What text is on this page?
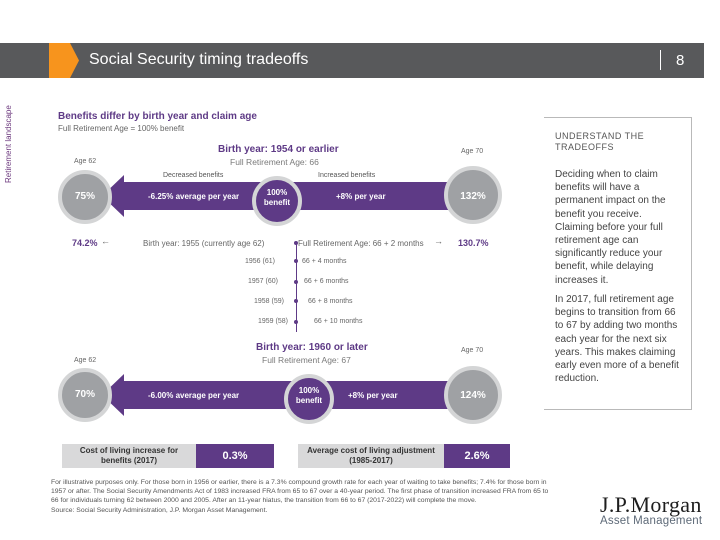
Social Security timing tradeoffs	8
Retirement landscape	Benefits differ by birth year and claim age
Full Retirement Age = 100% benefit
Birth year: 1954 or earlier
Full Retirement Age: 66
Age 62
Age 70
Decreased benefits	Increased benefits
75%	-6.25% average per year	100%
benefit
+8% per year	132%
74.2% ←	Birth year: 1955 (currently age 62)	Full Retirement Age: 66 + 2 months → 130.7%
1956 (61)	66 + 4 months
1957 (60)	66 + 6 months
1958 (59)	66 + 8 months
1959 (58)	66 + 10 months
Birth year: 1960 or later
Full Retirement Age: 67
Age 62
Age 70
70%	-6.00% average per year
100%
benefit
+8% per year	124%
Cost of living increase for
benefits (2017)	0.3%	Average cost of living adjustment
(1985-2017)	2.6%
UNDERSTAND THE TRADEOFFS
Deciding when to claim benefits will have a permanent impact on the benefit you receive. Claiming before your full retirement age can significantly reduce your benefit, while delaying increases it.
In 2017, full retirement age begins to transition from 66 to 67 by adding two months each year for the next six years. This makes claiming early even more of a benefit reduction.
For illustrative purposes only. For those born in 1956 or earlier, there is a 7.3% compound growth rate for each year of waiting to take benefits; 7.4% for those born in 1957 or after. The Social Security Amendments Act of 1983 increased FRA from 65 to 67 over a 40-year period. The first phase of transition increased FRA from 65 to 66 for individuals turning 62 between 2000 and 2005. After an 11-year hiatus, the transition from 66 to 67 (2017-2022) will complete the move.
Source: Social Security Administration, J.P. Morgan Asset Management.	J.P.Morgan
Asset Management
